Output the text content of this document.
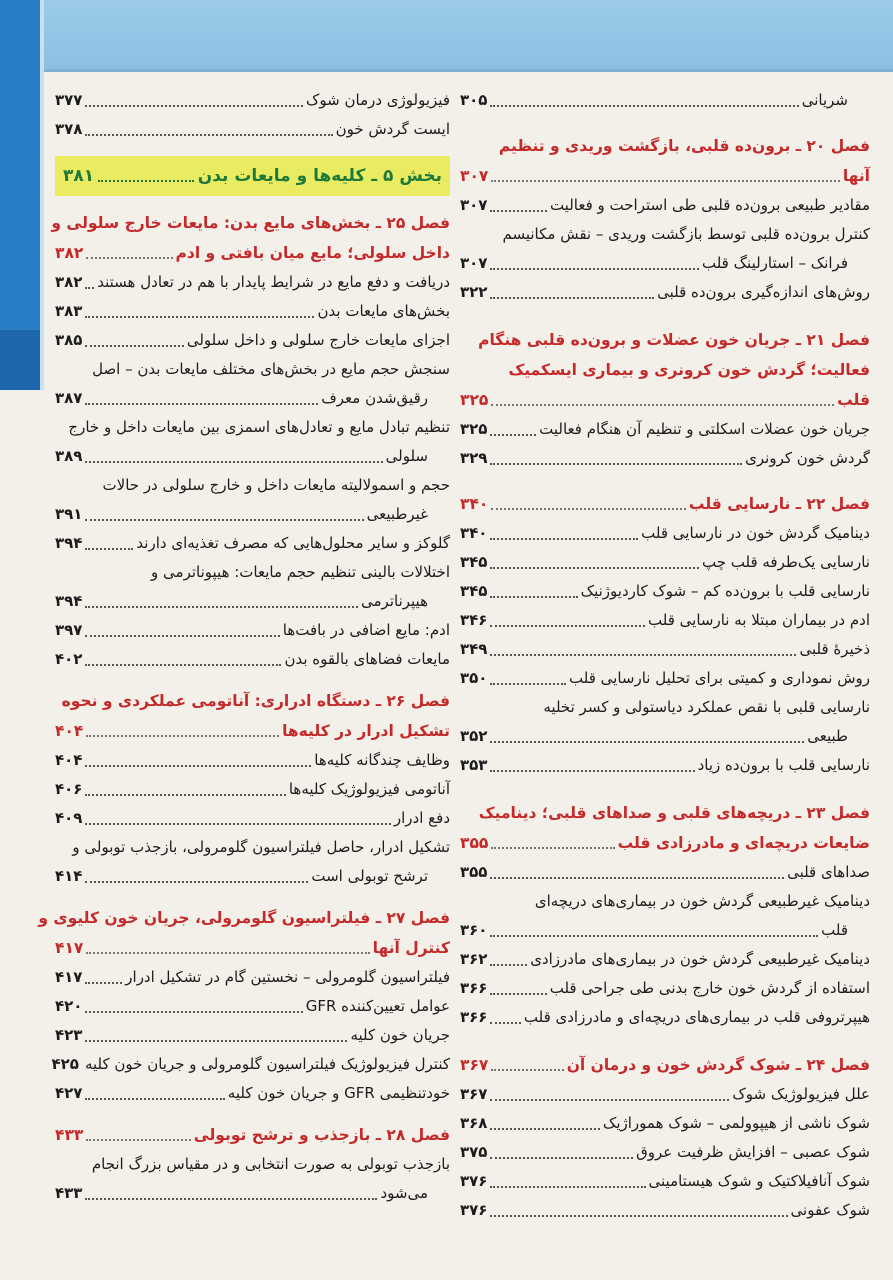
فیزیولوژی درمان شوک
۳۷۷
ایست گردش خون
۳۷۸
بخش ۵ ـ کلیه‌ها و مایعات بدن
۳۸۱
فصل ۲۵ ـ بخش‌های مایع بدن: مایعات خارج سلولی و
داخل سلولی؛ مایع میان بافتی و ادم
۳۸۲
دریافت و دفع مایع در شرایط پایدار با هم در تعادل هستند
۳۸۲
بخش‌های مایعات بدن
۳۸۳
اجزای مایعات خارج سلولی و داخل سلولی
۳۸۵
سنجش حجم مایع در بخش‌های مختلف مایعات بدن – اصل
رقیق‌شدن معرف
۳۸۷
تنظیم تبادل مایع و تعادل‌های اسمزی بین مایعات داخل و خارج
سلولی
۳۸۹
حجم و اسمولالیته مایعات داخل و خارج سلولی در حالات
غیرطبیعی
۳۹۱
گلوکز و سایر محلول‌هایی که مصرف تغذیه‌ای دارند
۳۹۴
اختلالات بالینی تنظیم حجم مایعات: هیپوناترمی و
هیپرناترمی
۳۹۴
ادم: مایع اضافی در بافت‌ها
۳۹۷
مایعات فضاهای بالقوه بدن
۴۰۲
فصل ۲۶ ـ دستگاه ادراری: آناتومی عملکردی و نحوه
تشکیل ادرار در کلیه‌ها
۴۰۴
وظایف چندگانه کلیه‌ها
۴۰۴
آناتومی فیزیولوژیک کلیه‌ها
۴۰۶
دفع ادرار
۴۰۹
تشکیل ادرار، حاصل فیلتراسیون گلومرولی، بازجذب توبولی و
ترشح توبولی است
۴۱۴
فصل ۲۷ ـ فیلتراسیون گلومرولی، جریان خون کلیوی و
کنترل آنها
۴۱۷
فیلتراسیون گلومرولی – نخستین گام در تشکیل ادرار
۴۱۷
عوامل تعیین‌کننده GFR
۴۲۰
جریان خون کلیه
۴۲۳
کنترل فیزیولوژیک فیلتراسیون گلومرولی و جریان خون کلیه
۴۲۵
خودتنظیمی GFR و جریان خون کلیه
۴۲۷
فصل ۲۸ ـ بازجذب و ترشح توبولی
۴۳۳
بازجذب توبولی به صورت انتخابی و در مقیاس بزرگ انجام
می‌شود
۴۳۳
شریانی
۳۰۵
فصل ۲۰ ـ برون‌ده قلبی، بازگشت وریدی و تنظیم
آنها
۳۰۷
مقادیر طبیعی برون‌ده قلبی طی استراحت و فعالیت
۳۰۷
کنترل برون‌ده قلبی توسط بازگشت وریدی – نقش مکانیسم
فرانک – استارلینگ قلب
۳۰۷
روش‌های اندازه‌گیری برون‌ده قلبی
۳۲۲
فصل ۲۱ ـ جریان خون عضلات و برون‌ده قلبی هنگام
فعالیت؛ گردش خون کرونری و بیماری ایسکمیک
قلب
۳۲۵
جریان خون عضلات اسکلتی و تنظیم آن هنگام فعالیت
۳۲۵
گردش خون کرونری
۳۲۹
فصل ۲۲ ـ نارسایی قلب
۳۴۰
دینامیک گردش خون در نارسایی قلب
۳۴۰
نارسایی یک‌طرفه قلب چپ
۳۴۵
نارسایی قلب با برون‌ده کم – شوک کاردیوژنیک
۳۴۵
ادم در بیماران مبتلا به نارسایی قلب
۳۴۶
ذخیرهٔ قلبی
۳۴۹
روش نموداری و کمیتی برای تحلیل نارسایی قلب
۳۵۰
نارسایی قلبی با نقص عملکرد دیاستولی و کسر تخلیه
طبیعی
۳۵۲
نارسایی قلب با برون‌ده زیاد
۳۵۳
فصل ۲۳ ـ دریچه‌های قلبی و صداهای قلبی؛ دینامیک
ضایعات دریچه‌ای و مادرزادی قلب
۳۵۵
صداهای قلبی
۳۵۵
دینامیک غیرطبیعی گردش خون در بیماری‌های دریچه‌ای
قلب
۳۶۰
دینامیک غیرطبیعی گردش خون در بیماری‌های مادرزادی
۳۶۲
استفاده از گردش خون خارج بدنی طی جراحی قلب
۳۶۶
هیپرتروفی قلب در بیماری‌های دریچه‌ای و مادرزادی قلب
۳۶۶
فصل ۲۴ ـ شوک گردش خون و درمان آن
۳۶۷
علل فیزیولوژیک شوک
۳۶۷
شوک ناشی از هیپوولمی – شوک هموراژیک
۳۶۸
شوک عصبی – افزایش ظرفیت عروق
۳۷۵
شوک آنافیلاکتیک و شوک هیستامینی
۳۷۶
شوک عفونی
۳۷۶
